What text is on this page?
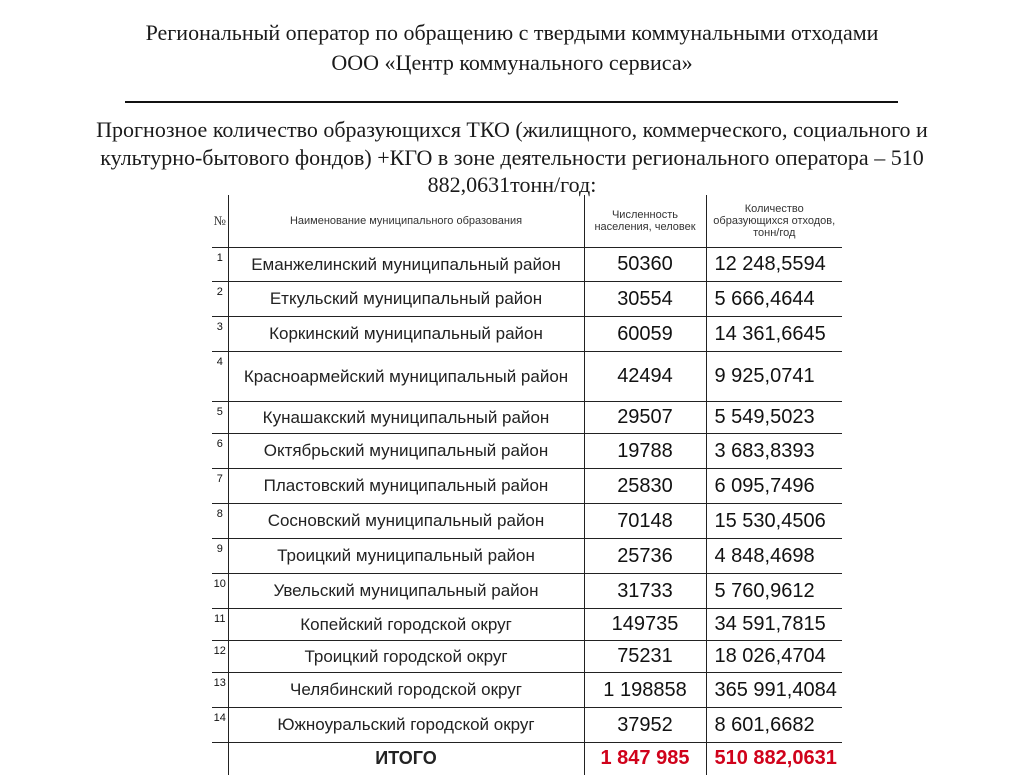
Региональный оператор по обращению с твердыми коммунальными отходами
ООО «Центр коммунального сервиса»
Прогнозное количество образующихся ТКО (жилищного, коммерческого, социального и
культурно-бытового фондов) +КГО в зоне деятельности регионального оператора – 510
882,0631тонн/год:
№	Наименование муниципального образования	Численность населения, человек	Количество образующихся отходов, тонн/год
1	Еманжелинский муниципальный район	50360	12 248,5594
2	Еткульский муниципальный район	30554	5 666,4644
3	Коркинский муниципальный район	60059	14 361,6645
4	Красноармейский муниципальный район	42494	9 925,0741
5	Кунашакский муниципальный район	29507	5 549,5023
6	Октябрьский муниципальный район	19788	3 683,8393
7	Пластовский муниципальный район	25830	6 095,7496
8	Сосновский муниципальный район	70148	15 530,4506
9	Троицкий муниципальный район	25736	4 848,4698
10	Увельский муниципальный район	31733	5 760,9612
11	Копейский городской округ	149735	34 591,7815
12	Троицкий городской округ	75231	18 026,4704
13	Челябинский городской округ	1 198858	365 991,4084
14	Южноуральский городской округ	37952	8 601,6682
	ИТОГО	1 847 985	510 882,0631
